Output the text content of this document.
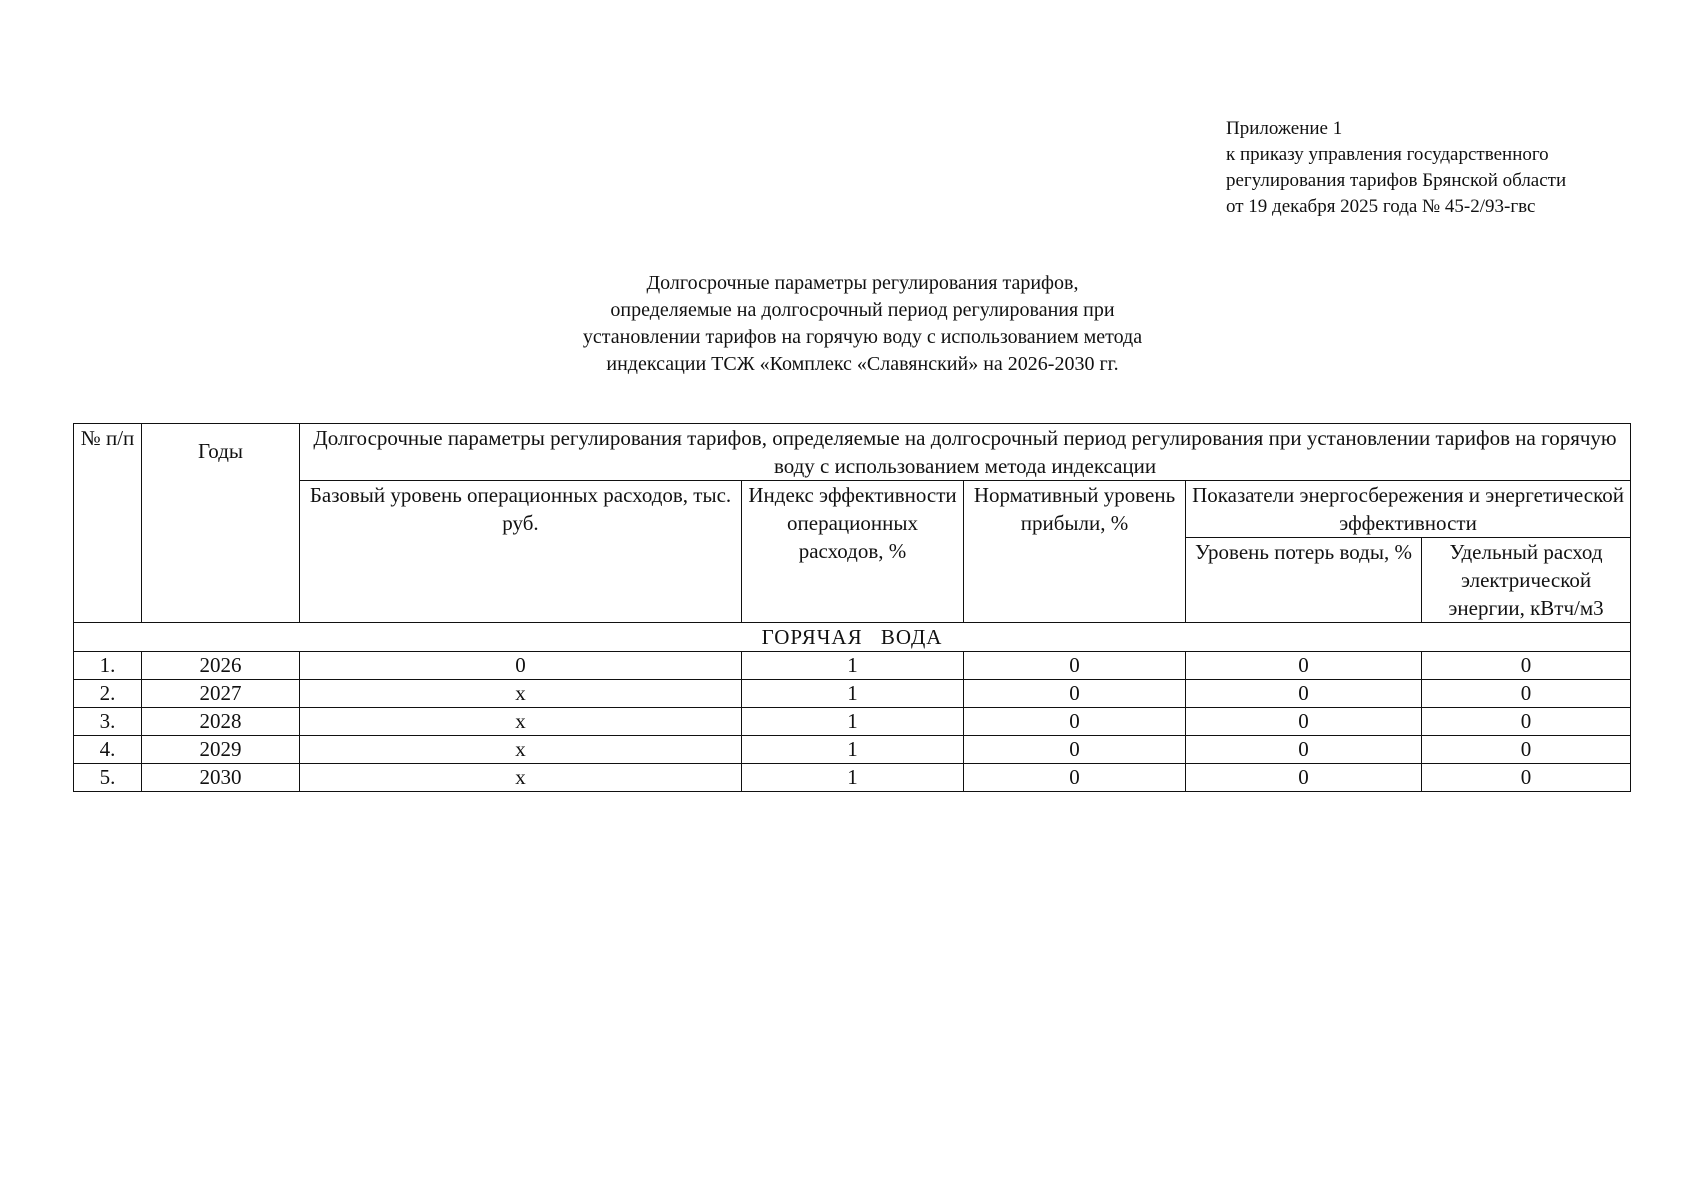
Приложение 1
к приказу управления государственного
регулирования тарифов Брянской области
от 19 декабря 2025 года № 45-2/93-гвс
Долгосрочные параметры регулирования тарифов,
определяемые на долгосрочный период регулирования при
установлении тарифов на горячую воду с использованием метода
индексации ТСЖ «Комплекс «Славянский» на 2026-2030 гг.
№ п/п	Годы	Долгосрочные параметры регулирования тарифов, определяемые на долгосрочный период регулирования при установлении тарифов на горячую воду с использованием метода индексации				
		Базовый уровень операционных расходов, тыс. руб.	Индекс эффективности операционных расходов, %	Нормативный уровень прибыли, %	Показатели энергосбережения и энергетической эффективности	
					Уровень потерь воды, %	Удельный расход электрической энергии, кВтч/м3
ГОРЯЧАЯ ВОДА						
1.	2026	0	1	0	0	0
2.	2027	x	1	0	0	0
3.	2028	x	1	0	0	0
4.	2029	x	1	0	0	0
5.	2030	x	1	0	0	0
